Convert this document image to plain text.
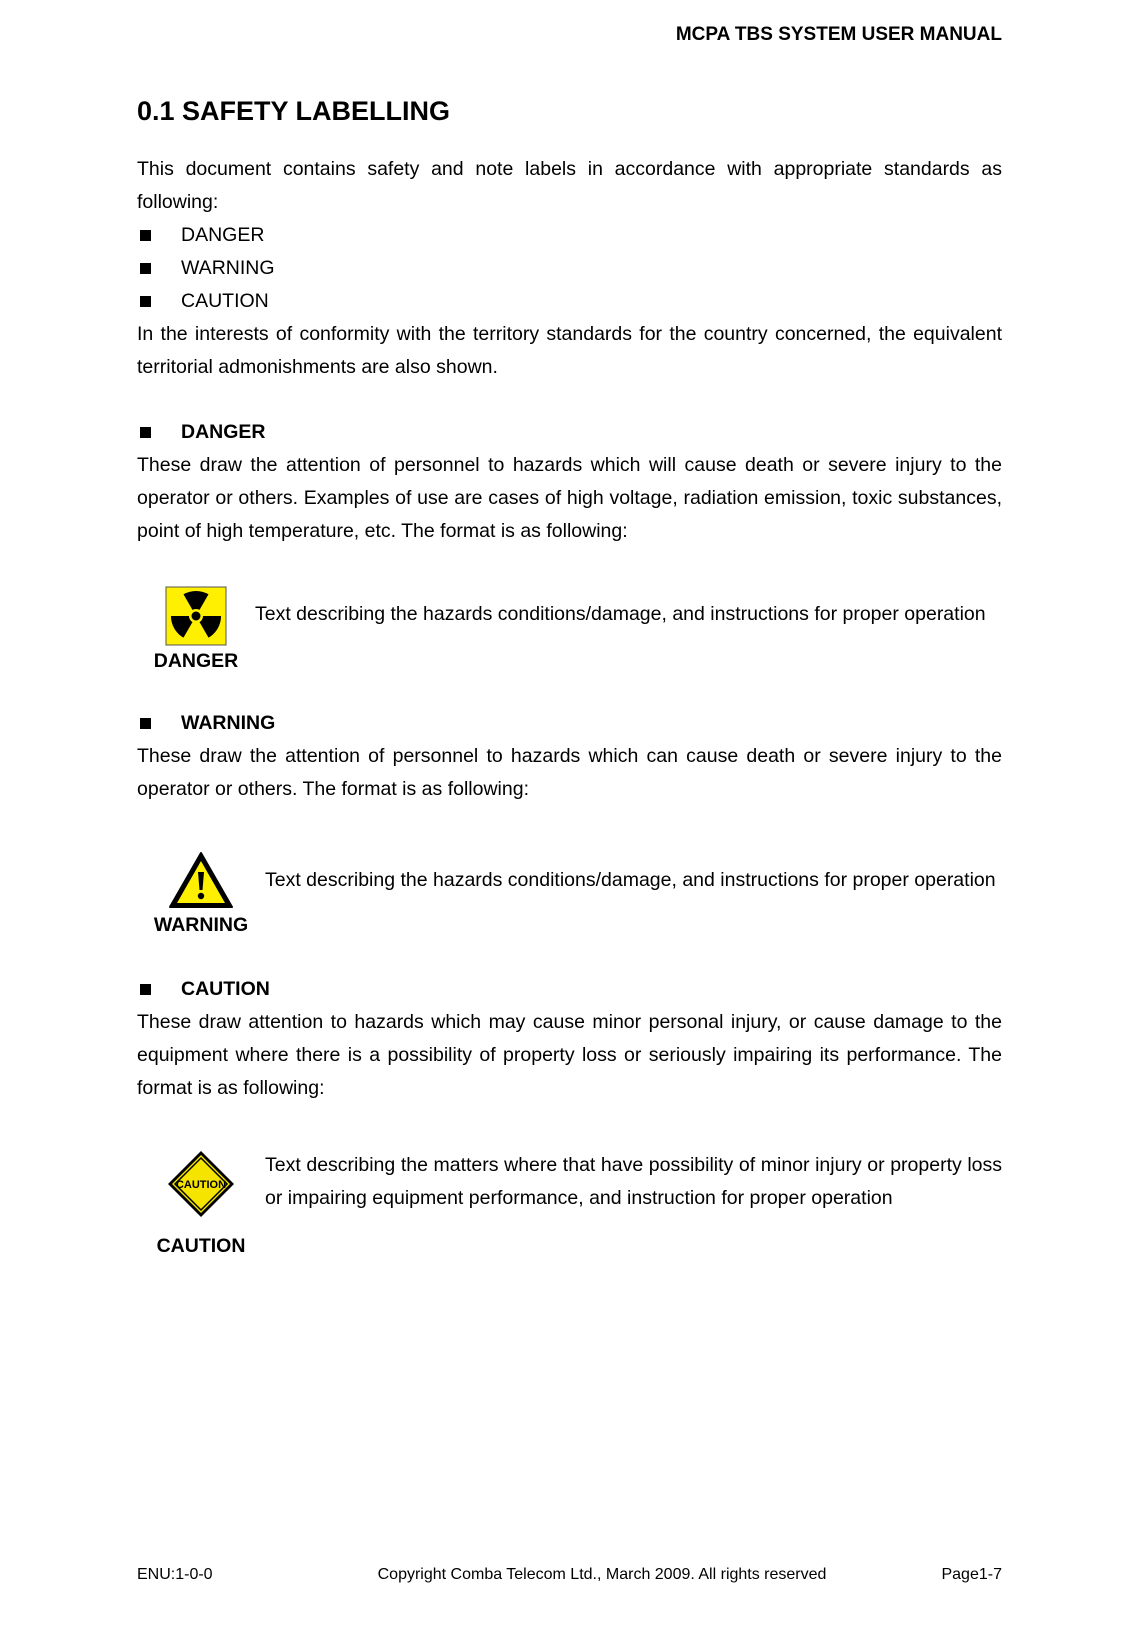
MCPA TBS SYSTEM USER MANUAL
0.1 SAFETY LABELLING

This document contains safety and note labels in accordance with appropriate standards as following:

DANGER
WARNING
CAUTION

In the interests of conformity with the territory standards for the country concerned, the equivalent territorial admonishments are also shown.

DANGER

These draw the attention of personnel to hazards which will cause death or severe injury to the operator or others. Examples of use are cases of high voltage, radiation emission, toxic substances, point of high temperature, etc. The format is as following:

DANGER
Text describing the hazards conditions/damage, and instructions for proper operation
WARNING

These draw the attention of personnel to hazards which can cause death or severe injury to the operator or others. The format is as following:

WARNING
Text describing the hazards conditions/damage, and instructions for proper operation
CAUTION

These draw attention to hazards which may cause minor personal injury, or cause damage to the equipment where there is a possibility of property loss or seriously impairing its performance. The format is as following:

CAUTION
CAUTION
Text describing the matters where that have possibility of minor injury or property loss or impairing equipment performance, and instruction for proper operation
ENU:1-0-0	Copyright Comba Telecom Ltd., March 2009. All rights reserved	Page1-7
